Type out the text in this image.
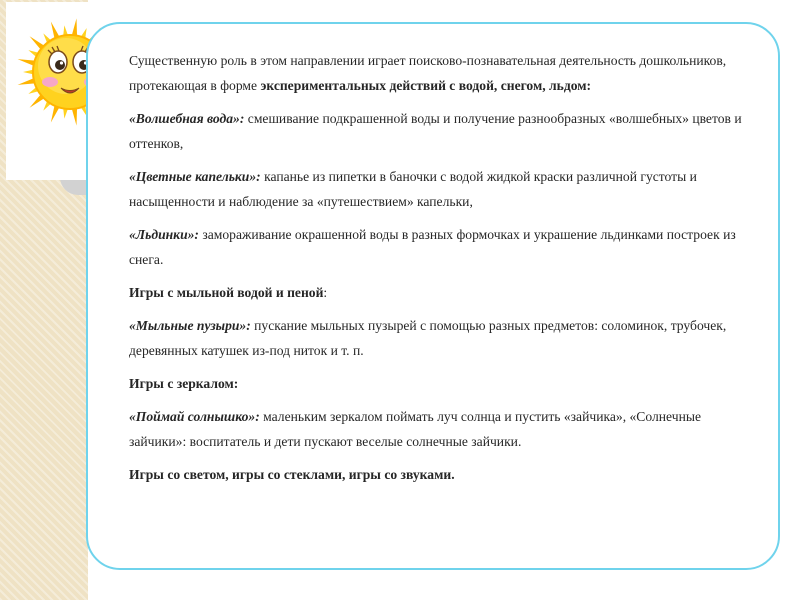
Существенную роль в этом направлении играет поисково-познавательная деятельность дошкольников, протекающая в форме экспериментальных действий с водой, снегом, льдом:

«Волшебная вода»: смешивание подкрашенной воды и получение разнообразных «волшебных» цветов и оттенков,

«Цветные капельки»: капанье из пипетки в баночки с водой жидкой краски различной густоты и насыщенности и наблюдение за «путешествием» капельки,

«Льдинки»: замораживание окрашенной воды в разных формочках и украшение льдинками построек из снега.

Игры с мыльной водой и пеной:

«Мыльные пузыри»: пускание мыльных пузырей с помощью разных предметов: соломинок, трубочек, деревянных катушек из-под ниток и т. п.

Игры с зеркалом:

«Поймай солнышко»: маленьким зеркалом поймать луч солнца и пустить «зайчика», «Солнечные зайчики»: воспитатель и дети пускают веселые солнечные зайчики.

Игры со светом, игры со стеклами, игры со звуками.
